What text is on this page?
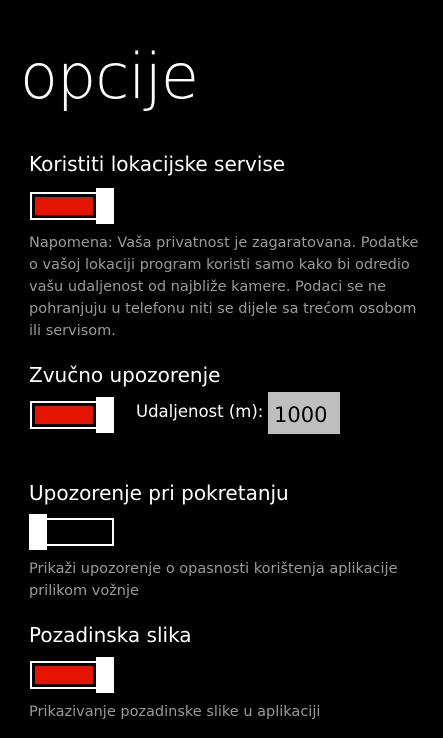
opcije
Koristiti lokacijske servise
Napomena: Vaša privatnost je zagaratovana. Podatke o vašoj lokaciji program koristi samo kako bi odredio vašu udaljenost od najbliže kamere. Podaci se ne pohranjuju u telefonu niti se dijele sa trećom osobom ili servisom.
Zvučno upozorenje
Udaljenost (m):
1000
Upozorenje pri pokretanju
Prikaži upozorenje o opasnosti korištenja aplikacije prilikom vožnje
Pozadinska slika
Prikazivanje pozadinske slike u aplikaciji
